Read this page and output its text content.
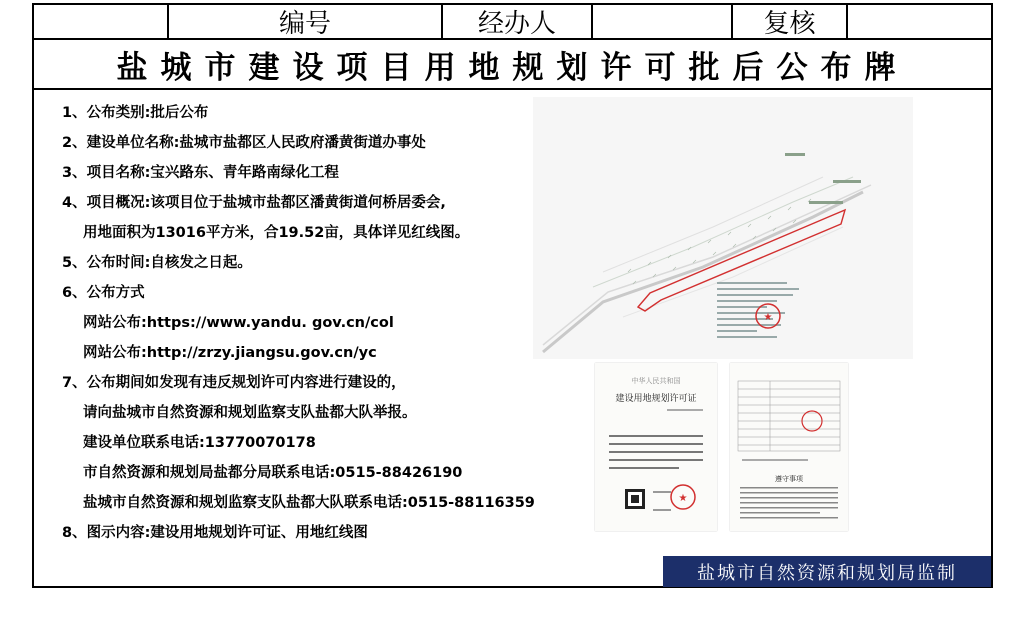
编号	经办人	复核
盐城市建设项目用地规划许可批后公布牌
1、公布类别:批后公布
2、建设单位名称:盐城市盐都区人民政府潘黄街道办事处
3、项目名称:宝兴路东、青年路南绿化工程
4、项目概况:该项目位于盐城市盐都区潘黄街道何桥居委会,
用地面积为13016平方米，合19.52亩，具体详见红线图。
5、公布时间:自核发之日起。
6、公布方式
网站公布:https://www.yandu. gov.cn/col
网站公布:http://zrzy.jiangsu.gov.cn/yc
7、公布期间如发现有违反规划许可内容进行建设的，
请向盐城市自然资源和规划监察支队盐都大队举报。
建设单位联系电话:13770070178
市自然资源和规划局盐都分局联系电话:0515-88426190
盐城市自然资源和规划监察支队盐都大队联系电话:0515-88116359
8、图示内容:建设用地规划许可证、用地红线图
★
中华人民共和国
建设用地规划许可证
★
遵守事项
盐城市自然资源和规划局监制
